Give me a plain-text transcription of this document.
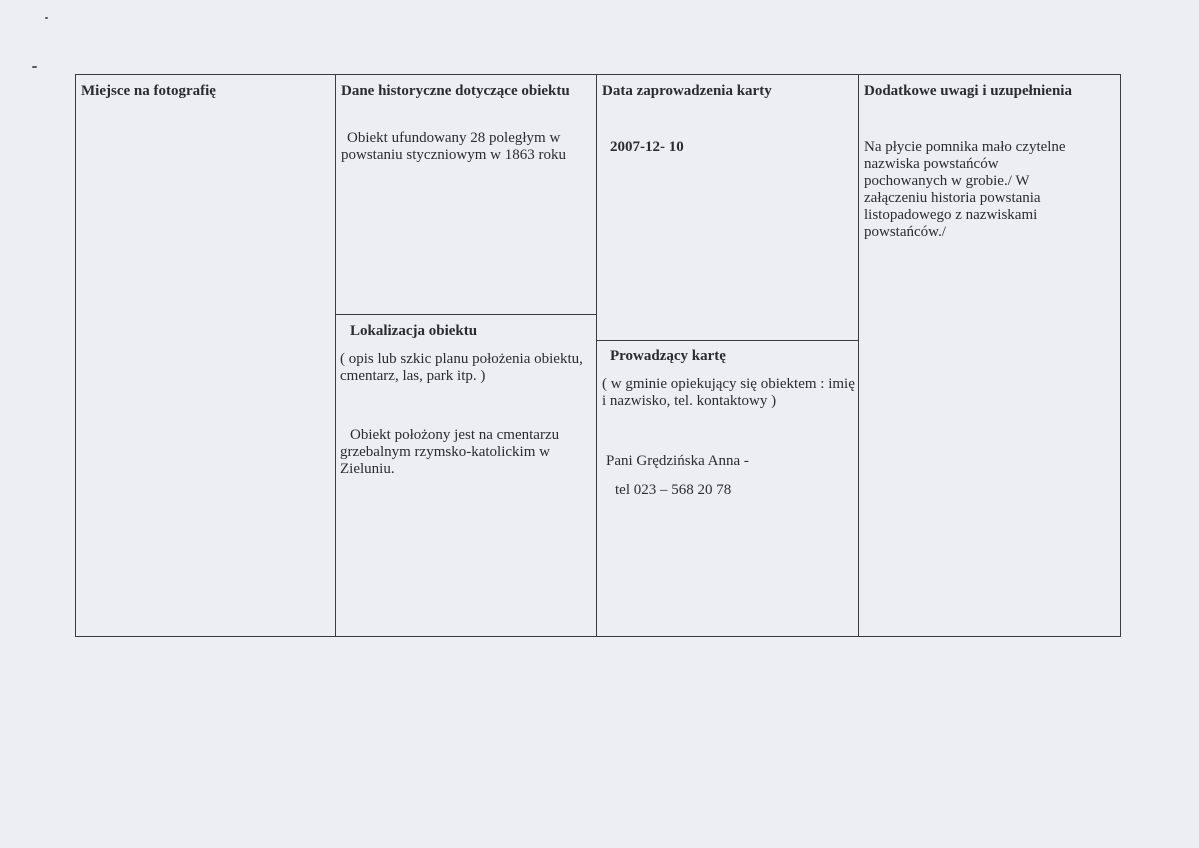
Miejsce na fotografię	Dane historyczne dotyczące obiektu
Obiekt ufundowany 28 poległym w powstaniu styczniowym w 1863 roku
Lokalizacja obiektu
( opis lub szkic planu położenia obiektu, cmentarz, las, park itp. )
Obiekt położony jest na cmentarzu grzebalnym rzymsko-katolickim w Zieluniu.
Data zaprowadzenia karty
2007-12- 10
Prowadzący kartę
( w gminie opiekujący się obiektem : imię i nazwisko, tel. kontaktowy )
Pani Grędzińska Anna -
tel 023 – 568 20 78
Dodatkowe uwagi i uzupełnienia
Na płycie pomnika mało czytelne nazwiska powstańców pochowanych w grobie./ W załączeniu historia powstania listopadowego z nazwiskami powstańców./
